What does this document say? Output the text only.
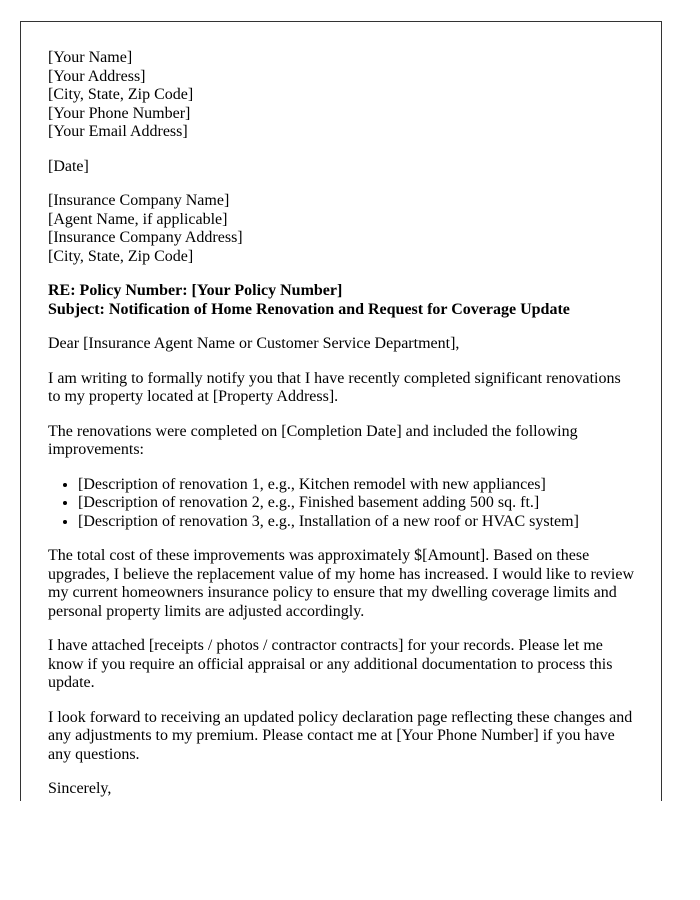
[Your Name]
[Your Address]
[City, State, Zip Code]
[Your Phone Number]
[Your Email Address]
[Date]
[Insurance Company Name]
[Agent Name, if applicable]
[Insurance Company Address]
[City, State, Zip Code]
RE: Policy Number: [Your Policy Number]
Subject: Notification of Home Renovation and Request for Coverage Update

Dear [Insurance Agent Name or Customer Service Department],

I am writing to formally notify you that I have recently completed significant renovations to my property located at [Property Address].

The renovations were completed on [Completion Date] and included the following improvements:

• [Description of renovation 1, e.g., Kitchen remodel with new appliances]
• [Description of renovation 2, e.g., Finished basement adding 500 sq. ft.]
• [Description of renovation 3, e.g., Installation of a new roof or HVAC system]

The total cost of these improvements was approximately $[Amount]. Based on these upgrades, I believe the replacement value of my home has increased. I would like to review my current homeowners insurance policy to ensure that my dwelling coverage limits and personal property limits are adjusted accordingly.

I have attached [receipts / photos / contractor contracts] for your records. Please let me know if you require an official appraisal or any additional documentation to process this update.

I look forward to receiving an updated policy declaration page reflecting these changes and any adjustments to my premium. Please contact me at [Your Phone Number] if you have any questions.

Sincerely,
